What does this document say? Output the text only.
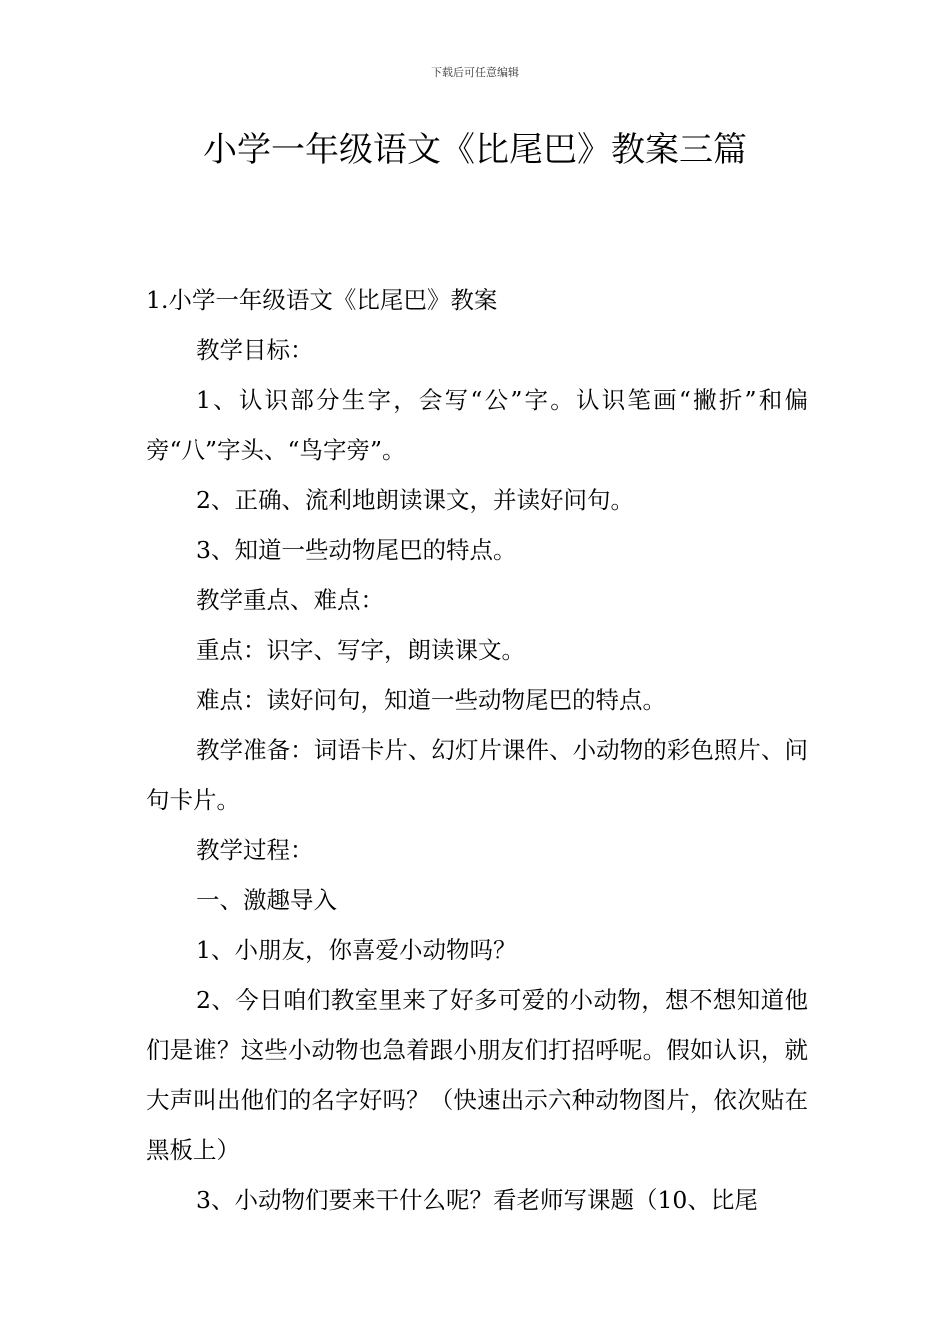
下载后可任意编辑
小学一年级语文《比尾巴》教案三篇

1.小学一年级语文《比尾巴》教案

教学目标：

1、认识部分生字，会写“公”字。认识笔画“撇折”和偏旁“八”字头、“鸟字旁”。

2、正确、流利地朗读课文，并读好问句。

3、知道一些动物尾巴的特点。

教学重点、难点：

重点：识字、写字，朗读课文。

难点：读好问句，知道一些动物尾巴的特点。

教学准备：词语卡片、幻灯片课件、小动物的彩色照片、问句卡片。

教学过程：

一、激趣导入

1、小朋友，你喜爱小动物吗？

2、今日咱们教室里来了好多可爱的小动物，想不想知道他们是谁？这些小动物也急着跟小朋友们打招呼呢。假如认识，就大声叫出他们的名字好吗？（快速出示六种动物图片，依次贴在黑板上）

3、小动物们要来干什么呢？看老师写课题（10、比尾
